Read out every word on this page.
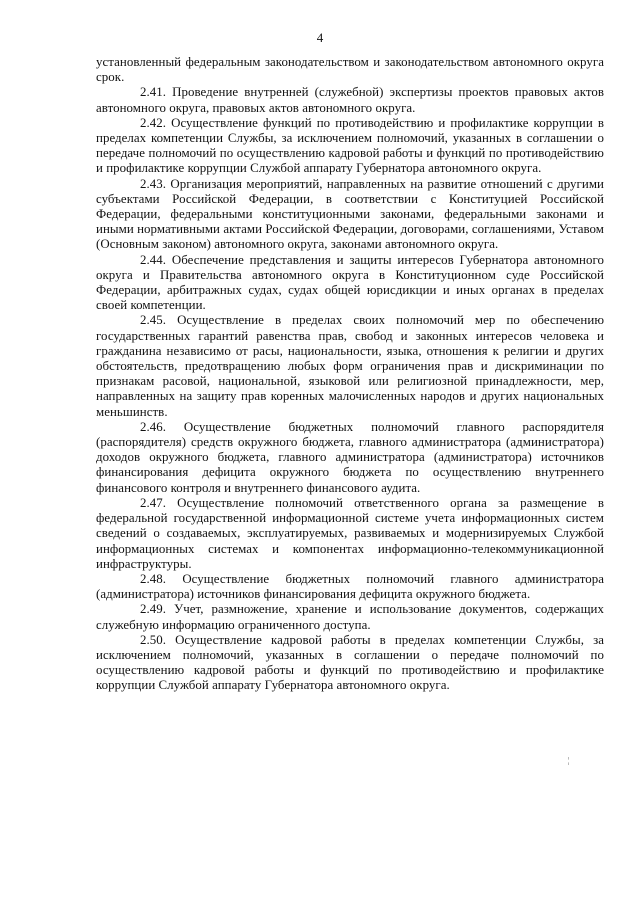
4

установленный федеральным законодательством и законодательством автономного округа срок.

2.41. Проведение внутренней (служебной) экспертизы проектов правовых актов автономного округа, правовых актов автономного округа.

2.42. Осуществление функций по противодействию и профилактике коррупции в пределах компетенции Службы, за исключением полномочий, указанных в соглашении о передаче полномочий по осуществлению кадровой работы и функций по противодействию и профилактике коррупции Службой аппарату Губернатора автономного округа.

2.43. Организация мероприятий, направленных на развитие отношений с другими субъектами Российской Федерации, в соответствии с Конституцией Российской Федерации, федеральными конституционными законами, федеральными законами и иными нормативными актами Российской Федерации, договорами, соглашениями, Уставом (Основным законом) автономного округа, законами автономного округа.

2.44. Обеспечение представления и защиты интересов Губернатора автономного округа и Правительства автономного округа в Конституционном суде Российской Федерации, арбитражных судах, судах общей юрисдикции и иных органах в пределах своей компетенции.

2.45. Осуществление в пределах своих полномочий мер по обеспечению государственных гарантий равенства прав, свобод и законных интересов человека и гражданина независимо от расы, национальности, языка, отношения к религии и других обстоятельств, предотвращению любых форм ограничения прав и дискриминации по признакам расовой, национальной, языковой или религиозной принадлежности, мер, направленных на защиту прав коренных малочисленных народов и других национальных меньшинств.

2.46. Осуществление бюджетных полномочий главного распорядителя (распорядителя) средств окружного бюджета, главного администратора (администратора) доходов окружного бюджета, главного администратора (администратора) источников финансирования дефицита окружного бюджета по осуществлению внутреннего финансового контроля и внутреннего финансового аудита.

2.47. Осуществление полномочий ответственного органа за размещение в федеральной государственной информационной системе учета информационных систем сведений о создаваемых, эксплуатируемых, развиваемых и модернизируемых Службой информационных системах и компонентах информационно-телекоммуникационной инфраструктуры.

2.48. Осуществление бюджетных полномочий главного администратора (администратора) источников финансирования дефицита окружного бюджета.

2.49. Учет, размножение, хранение и использование документов, содержащих служебную информацию ограниченного доступа.

2.50. Осуществление кадровой работы в пределах компетенции Службы, за исключением полномочий, указанных в соглашении о передаче полномочий по осуществлению кадровой работы и функций по противодействию и профилактике коррупции Службой аппарату Губернатора автономного округа.

¦
